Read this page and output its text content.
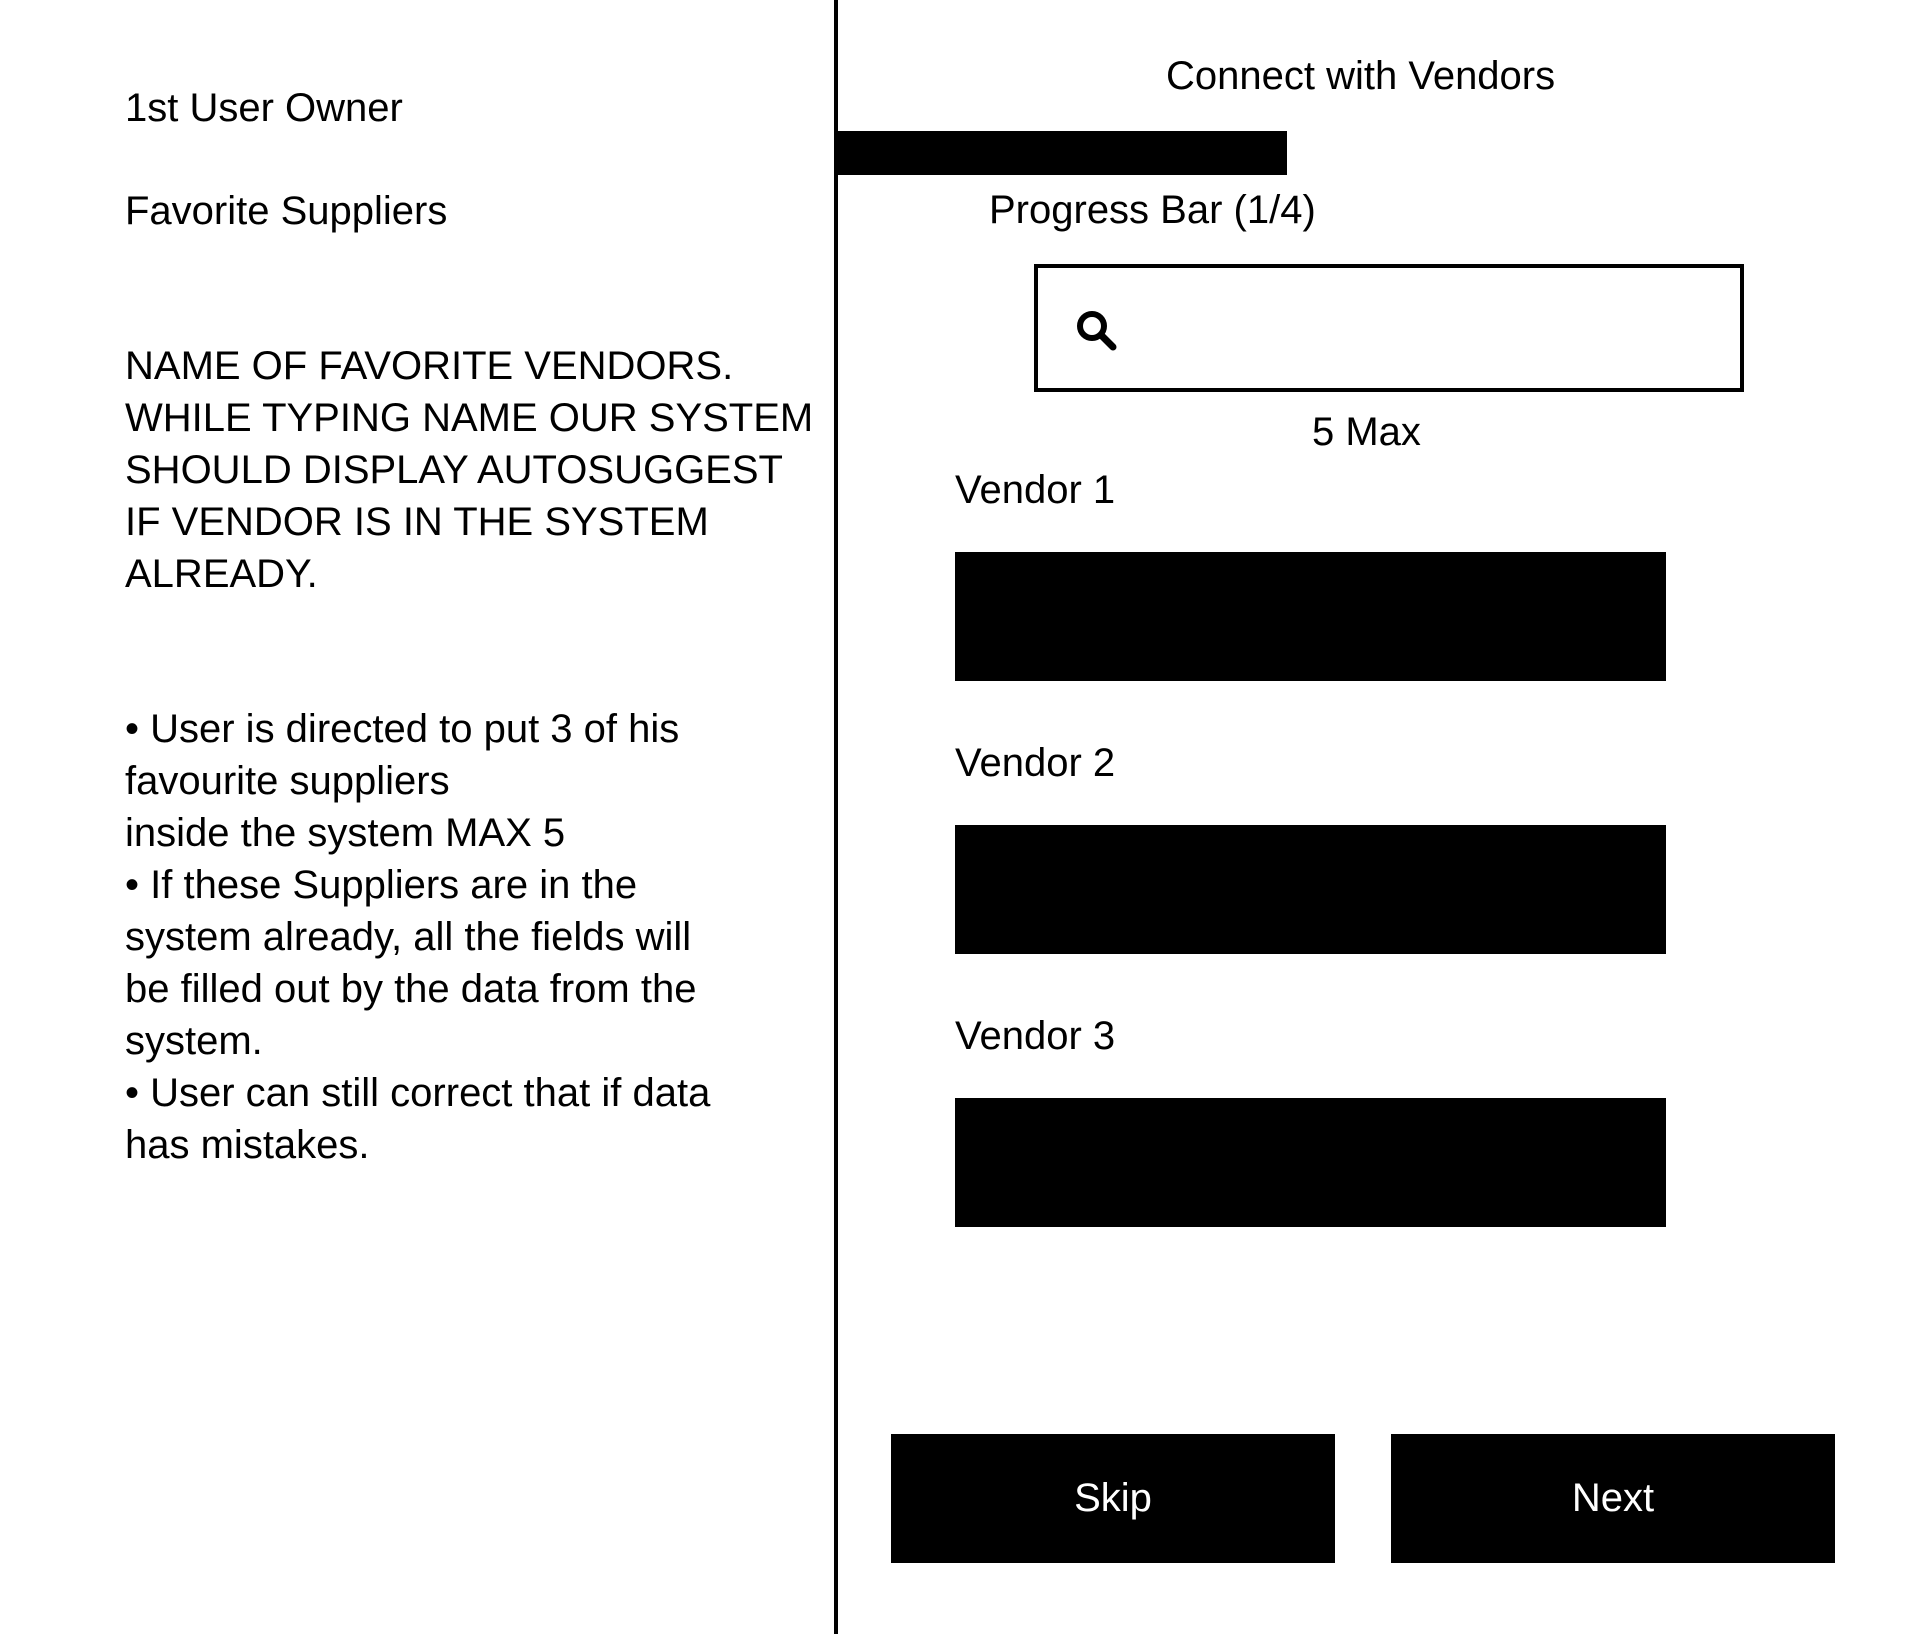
1st User Owner
Favorite Suppliers
NAME OF FAVORITE VENDORS.
WHILE TYPING NAME OUR SYSTEM
SHOULD DISPLAY AUTOSUGGEST
IF VENDOR IS IN THE SYSTEM
ALREADY.
• User is directed to put 3 of his
favourite suppliers
inside the system MAX 5
• If these Suppliers are in the
system already, all the fields will
be filled out by the data from the
system.
• User can still correct that if data
has mistakes.
Connect with Vendors
Progress Bar (1/4)
5 Max
Vendor 1
Vendor 2
Vendor 3
Skip	Next
